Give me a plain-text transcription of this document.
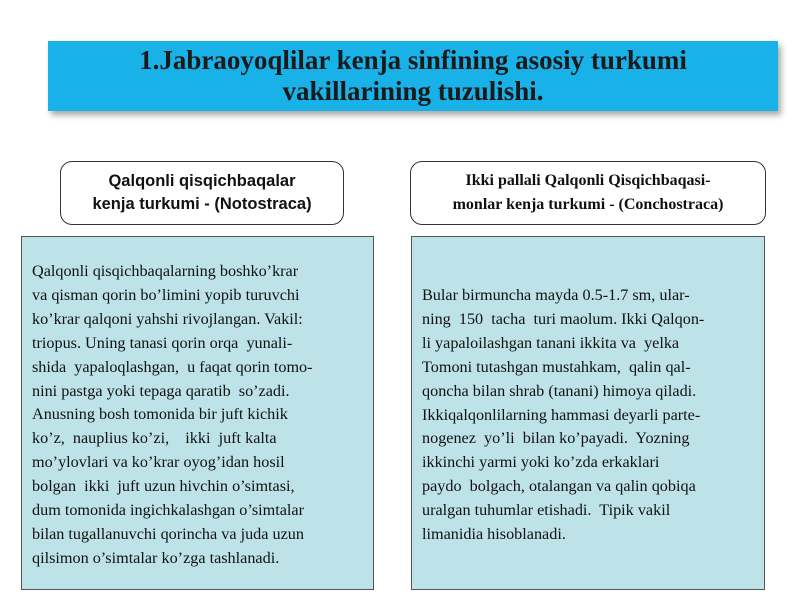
1.Jabraoyoqlilar kenja sinfining asosiy turkumi
vakillarining tuzulishi.
Qalqonli qisqichbaqalar
kenja turkumi - (Notostraca)
Ikki pallali Qalqonli Qisqichbaqasi-
monlar kenja turkumi - (Conchostraca)
Qalqonli qisqichbaqalarning boshko’krar
va qisman qorin bo’limini yopib turuvchi
ko’krar qalqoni yahshi rivojlangan. Vakil:
triopus. Uning tanasi qorin orqa  yunali-
shida  yapaloqlashgan,  u faqat qorin tomo-
nini pastga yoki tepaga qaratib  so’zadi.
Anusning bosh tomonida bir juft kichik
ko’z,  nauplius ko’zi,    ikki  juft kalta
mo’ylovlari va ko’krar oyog’idan hosil
bolgan  ikki  juft uzun hivchin o’simtasi,
dum tomonida ingichkalashgan o’simtalar
bilan tugallanuvchi qorincha va juda uzun
qilsimon o’simtalar ko’zga tashlanadi.
Bular birmuncha mayda 0.5-1.7 sm, ular-
ning  150  tacha  turi maolum. Ikki Qalqon-
li yapaloilashgan tanani ikkita va  yelka
Tomoni tutashgan mustahkam,  qalin qal-
qoncha bilan shrab (tanani) himoya qiladi.
Ikkiqalqonlilarning hammasi deyarli parte-
nogenez  yo’li  bilan ko’payadi.  Yozning
ikkinchi yarmi yoki ko’zda erkaklari
paydo  bolgach, otalangan va qalin qobiqa
uralgan tuhumlar etishadi.  Tipik vakil
limanidia hisoblanadi.
